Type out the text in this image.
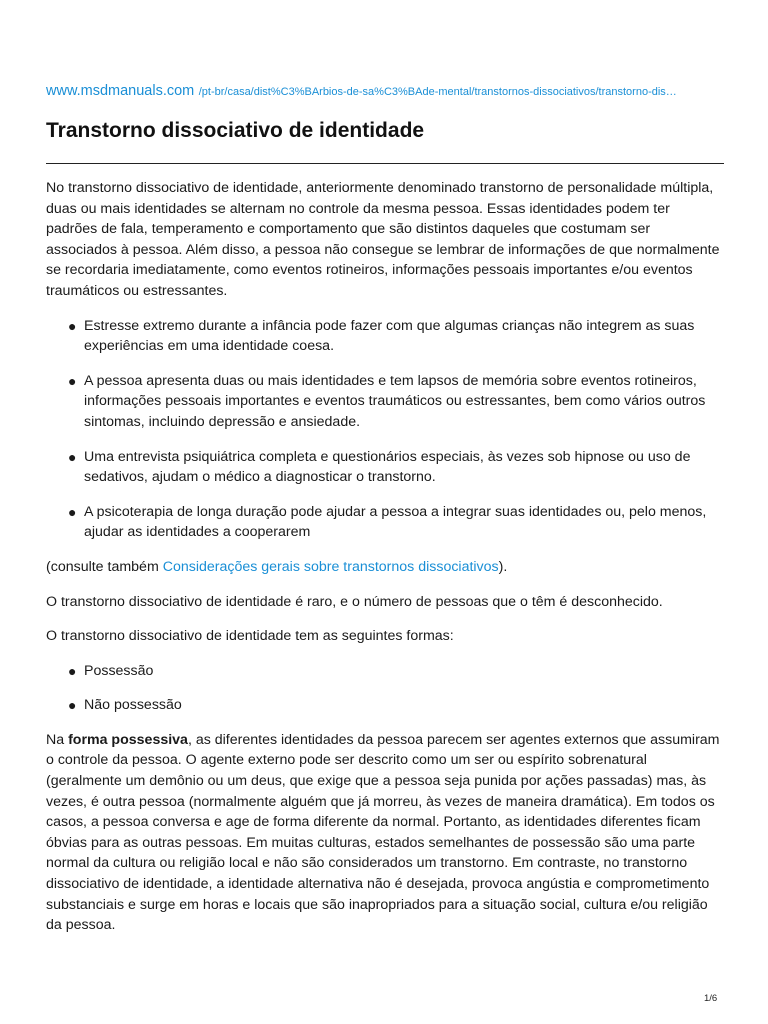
www.msdmanuals.com /pt-br/casa/dist%C3%BArbios-de-sa%C3%BAde-mental/transtornos-dissociativos/transtorno-dis…
Transtorno dissociativo de identidade

No transtorno dissociativo de identidade, anteriormente denominado transtorno de personalidade múltipla, duas ou mais identidades se alternam no controle da mesma pessoa. Essas identidades podem ter padrões de fala, temperamento e comportamento que são distintos daqueles que costumam ser associados à pessoa. Além disso, a pessoa não consegue se lembrar de informações de que normalmente se recordaria imediatamente, como eventos rotineiros, informações pessoais importantes e/ou eventos traumáticos ou estressantes.

● Estresse extremo durante a infância pode fazer com que algumas crianças não integrem as suas experiências em uma identidade coesa.
● A pessoa apresenta duas ou mais identidades e tem lapsos de memória sobre eventos rotineiros, informações pessoais importantes e eventos traumáticos ou estressantes, bem como vários outros sintomas, incluindo depressão e ansiedade.
● Uma entrevista psiquiátrica completa e questionários especiais, às vezes sob hipnose ou uso de sedativos, ajudam o médico a diagnosticar o transtorno.
● A psicoterapia de longa duração pode ajudar a pessoa a integrar suas identidades ou, pelo menos, ajudar as identidades a cooperarem

(consulte também Considerações gerais sobre transtornos dissociativos).

O transtorno dissociativo de identidade é raro, e o número de pessoas que o têm é desconhecido.

O transtorno dissociativo de identidade tem as seguintes formas:

● Possessão
● Não possessão

Na forma possessiva, as diferentes identidades da pessoa parecem ser agentes externos que assumiram o controle da pessoa. O agente externo pode ser descrito como um ser ou espírito sobrenatural (geralmente um demônio ou um deus, que exige que a pessoa seja punida por ações passadas) mas, às vezes, é outra pessoa (normalmente alguém que já morreu, às vezes de maneira dramática). Em todos os casos, a pessoa conversa e age de forma diferente da normal. Portanto, as identidades diferentes ficam óbvias para as outras pessoas. Em muitas culturas, estados semelhantes de possessão são uma parte normal da cultura ou religião local e não são considerados um transtorno. Em contraste, no transtorno dissociativo de identidade, a identidade alternativa não é desejada, provoca angústia e comprometimento substanciais e surge em horas e locais que são inapropriados para a situação social, cultura e/ou religião da pessoa.

1/6
